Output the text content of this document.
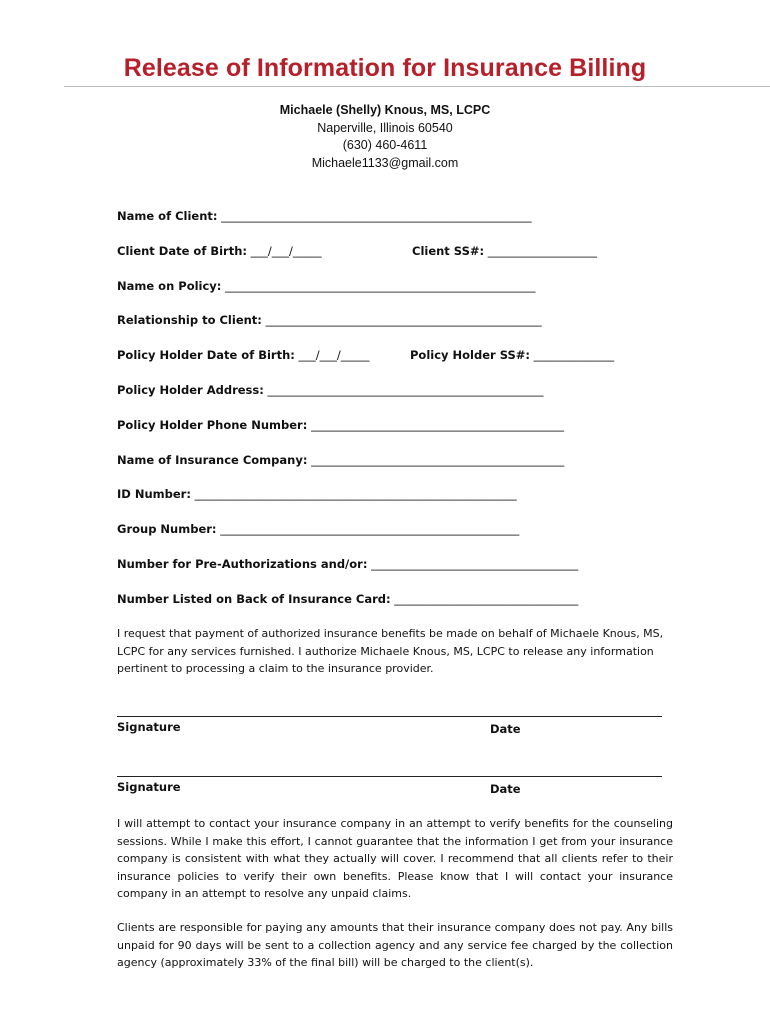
Release of Information for Insurance Billing
Michaele (Shelly) Knous, MS, LCPC
Naperville, Illinois 60540
(630) 460-4611
Michaele1133@gmail.com
Name of Client: ______________________________________________________
Client Date of Birth: ___/___/_____	Client SS#: ___________________
Name on Policy: ______________________________________________________
Relationship to Client: ________________________________________________
Policy Holder Date of Birth: ___/___/_____	Policy Holder SS#: ______________
Policy Holder Address: ________________________________________________
Policy Holder Phone Number: ____________________________________________
Name of Insurance Company: ____________________________________________
ID Number: ________________________________________________________
Group Number: ____________________________________________________
Number for Pre-Authorizations and/or: ____________________________________
Number Listed on Back of Insurance Card: ________________________________
I request that payment of authorized insurance benefits be made on behalf of Michaele Knous, MS, LCPC for any services furnished. I authorize Michaele Knous, MS, LCPC to release any information pertinent to processing a claim to the insurance provider.
Signature	Date
Signature	Date
I will attempt to contact your insurance company in an attempt to verify benefits for the counseling sessions. While I make this effort, I cannot guarantee that the information I get from your insurance company is consistent with what they actually will cover. I recommend that all clients refer to their insurance policies to verify their own benefits. Please know that I will contact your insurance company in an attempt to resolve any unpaid claims.
Clients are responsible for paying any amounts that their insurance company does not pay. Any bills unpaid for 90 days will be sent to a collection agency and any service fee charged by the collection agency (approximately 33% of the final bill) will be charged to the client(s).
